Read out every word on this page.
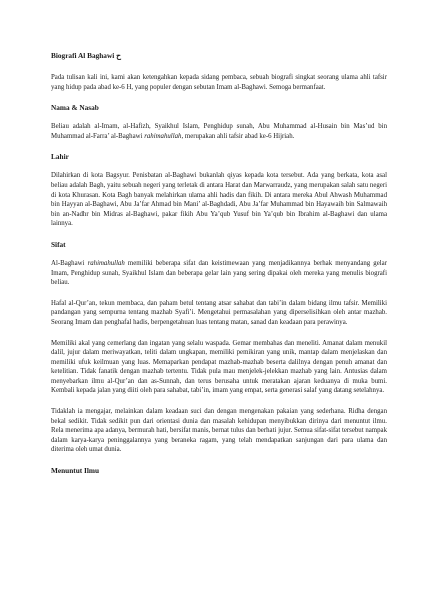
Biografi Al Baghawi ﺡ

Pada tulisan kali ini, kami akan ketengahkan kepada sidang pembaca, sebuah biografi singkat seorang ulama ahli tafsir yang hidup pada abad ke-6 H, yang populer dengan sebutan Imam al-Baghawi. Semoga bermanfaat.

Nama & Nasab

Beliau adalah al-Imam, al-Hafizh, Syaikhul Islam, Penghidup sunah, Abu Muhammad al-Husain bin Mas’ud bin Muhammad al-Farra’ al-Baghawi rahimahullah, merupakan ahli tafsir abad ke-6 Hijriah.

Lahir

Dilahirkan di kota Bagsyur. Penisbatan al-Baghawi bukanlah qiyas kepada kota tersebut. Ada yang berkata, kota asal beliau adalah Bagh, yaitu sebuah negeri yang terletak di antara Harat dan Marwarraudz, yang merupakan salah satu negeri di kota Khurasan. Kota Bagh banyak melahirkan ulama ahli hadis dan fikih. Di antara mereka Abul Ahwash Muhammad bin Hayyan al-Baghawi, Abu Ja’far Ahmad bin Mani’ al-Baghdadi, Abu Ja’far Muhammad bin Hayawaih bin Salmawaih bin an-Nadhr bin Midras al-Baghawi, pakar fikih Abu Ya’qub Yusuf bin Ya’qub bin Ibrahim al-Baghawi dan ulama lainnya.

Sifat

Al-Baghawi rahimahullah memiliki beberapa sifat dan keistimewaan yang menjadikannya berhak menyandang gelar Imam, Penghidup sunah, Syaikhul Islam dan beberapa gelar lain yang sering dipakai oleh mereka yang menulis biografi beliau.

Hafal al-Qur’an, tekun membaca, dan paham betul tentang atsar sahabat dan tabi’in dalam bidang ilmu tafsir. Memiliki pandangan yang sempurna tentang mazhab Syafi’i. Mengetahui permasalahan yang diperselisihkan oleh antar mazhab. Seorang Imam dan penghafal hadis, berpengetahuan luas tentang matan, sanad dan keadaan para perawinya.

Memiliki akal yang cemerlang dan ingatan yang selalu waspada. Gemar membahas dan meneliti. Amanat dalam menukil dalil, jujur dalam meriwayatkan, teliti dalam ungkapan, memiliki pemikiran yang unik, mantap dalam menjelaskan dan memiliki ufuk keilmuan yang luas. Memaparkan pendapat mazhab-mazhab beserta dalilnya dengan penuh amanat dan ketelitian. Tidak fanatik dengan mazhab tertentu. Tidak pula mau menjelek-jelekkan mazhab yang lain. Antusias dalam menyebarkan ilmu al-Qur’an dan as-Sunnah, dan terus berusaha untuk meratakan ajaran keduanya di muka bumi. Kembali kepada jalan yang diiti oleh para sahabat, tabi’in, imam yang empat, serta generasi salaf yang datang setelahnya.

Tidaklah ia mengajar, melainkan dalam keadaan suci dan dengan mengenakan pakaian yang sederhana. Ridha dengan bekal sedikit. Tidak sedikit pun dari orientasi dunia dan masalah kehidupan menyibukkan dirinya dari menuntut ilmu. Rela menerima apa adanya, bermurah hati, bersifat manis, bernat tulus dan berhati jujur. Semua sifat-sifat tersebut nampak dalam karya-karya peninggalannya yang beraneka ragam, yang telah mendapatkan sanjungan dari para ulama dan diterima oleh umat dunia.

Menuntut Ilmu
